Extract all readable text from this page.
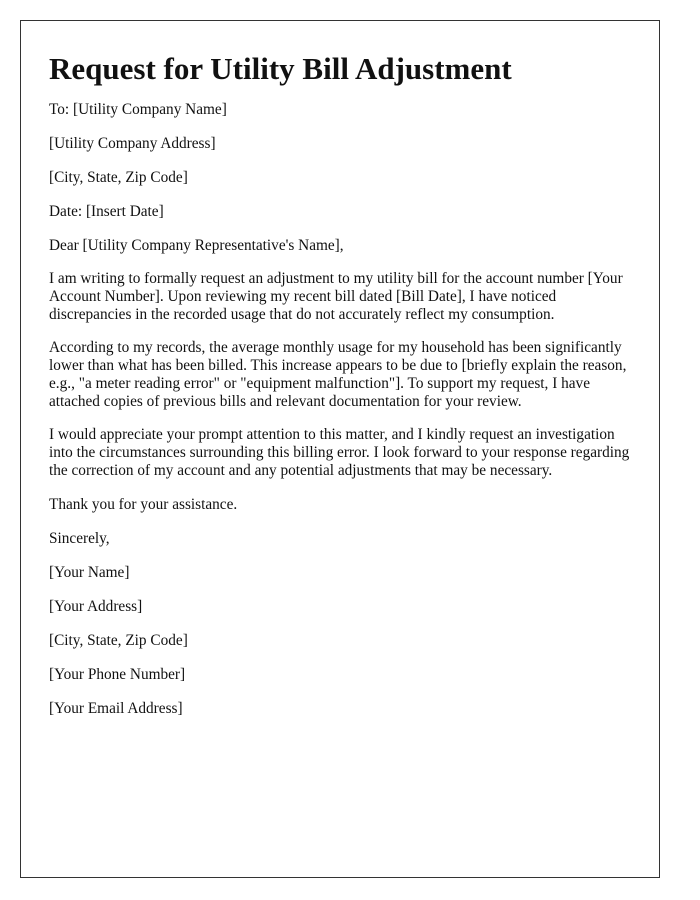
Request for Utility Bill Adjustment

To: [Utility Company Name]

[Utility Company Address]

[City, State, Zip Code]

Date: [Insert Date]

Dear [Utility Company Representative's Name],

I am writing to formally request an adjustment to my utility bill for the account number [Your Account Number]. Upon reviewing my recent bill dated [Bill Date], I have noticed discrepancies in the recorded usage that do not accurately reflect my consumption.

According to my records, the average monthly usage for my household has been significantly lower than what has been billed. This increase appears to be due to [briefly explain the reason, e.g., "a meter reading error" or "equipment malfunction"]. To support my request, I have attached copies of previous bills and relevant documentation for your review.

I would appreciate your prompt attention to this matter, and I kindly request an investigation into the circumstances surrounding this billing error. I look forward to your response regarding the correction of my account and any potential adjustments that may be necessary.

Thank you for your assistance.

Sincerely,

[Your Name]

[Your Address]

[City, State, Zip Code]

[Your Phone Number]

[Your Email Address]
